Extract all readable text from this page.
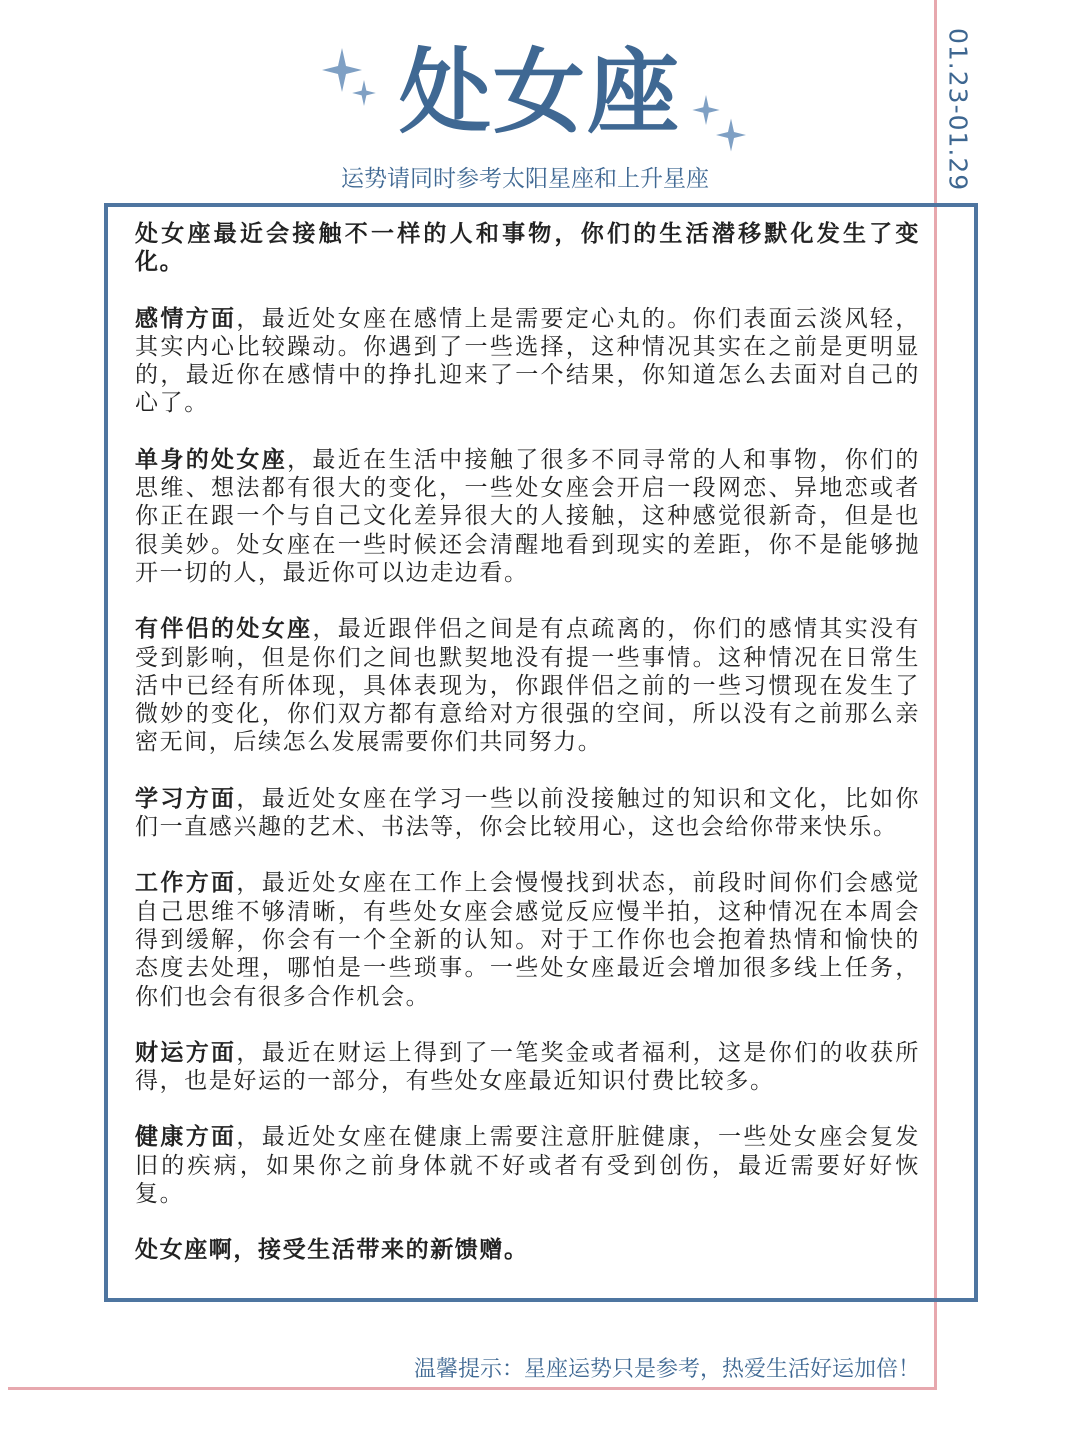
01.23-01.29
处女座
运势请同时参考太阳星座和上升星座

处女座最近会接触不一样的人和事物，你们的生活潜移默化发生了变化。

感情方面，最近处女座在感情上是需要定心丸的。你们表面云淡风轻，其实内心比较躁动。你遇到了一些选择，这种情况其实在之前是更明显的，最近你在感情中的挣扎迎来了一个结果，你知道怎么去面对自己的心了。

单身的处女座，最近在生活中接触了很多不同寻常的人和事物，你们的思维、想法都有很大的变化，一些处女座会开启一段网恋、异地恋或者你正在跟一个与自己文化差异很大的人接触，这种感觉很新奇，但是也很美妙。处女座在一些时候还会清醒地看到现实的差距，你不是能够抛开一切的人，最近你可以边走边看。

有伴侣的处女座，最近跟伴侣之间是有点疏离的，你们的感情其实没有受到影响，但是你们之间也默契地没有提一些事情。这种情况在日常生活中已经有所体现，具体表现为，你跟伴侣之前的一些习惯现在发生了微妙的变化，你们双方都有意给对方很强的空间，所以没有之前那么亲密无间，后续怎么发展需要你们共同努力。

学习方面，最近处女座在学习一些以前没接触过的知识和文化，比如你们一直感兴趣的艺术、书法等，你会比较用心，这也会给你带来快乐。

工作方面，最近处女座在工作上会慢慢找到状态，前段时间你们会感觉自己思维不够清晰，有些处女座会感觉反应慢半拍，这种情况在本周会得到缓解，你会有一个全新的认知。对于工作你也会抱着热情和愉快的态度去处理，哪怕是一些琐事。一些处女座最近会增加很多线上任务，你们也会有很多合作机会。

财运方面，最近在财运上得到了一笔奖金或者福利，这是你们的收获所得，也是好运的一部分，有些处女座最近知识付费比较多。

健康方面，最近处女座在健康上需要注意肝脏健康，一些处女座会复发旧的疾病，如果你之前身体就不好或者有受到创伤，最近需要好好恢复。

处女座啊，接受生活带来的新馈赠。

温馨提示：星座运势只是参考，热爱生活好运加倍！
